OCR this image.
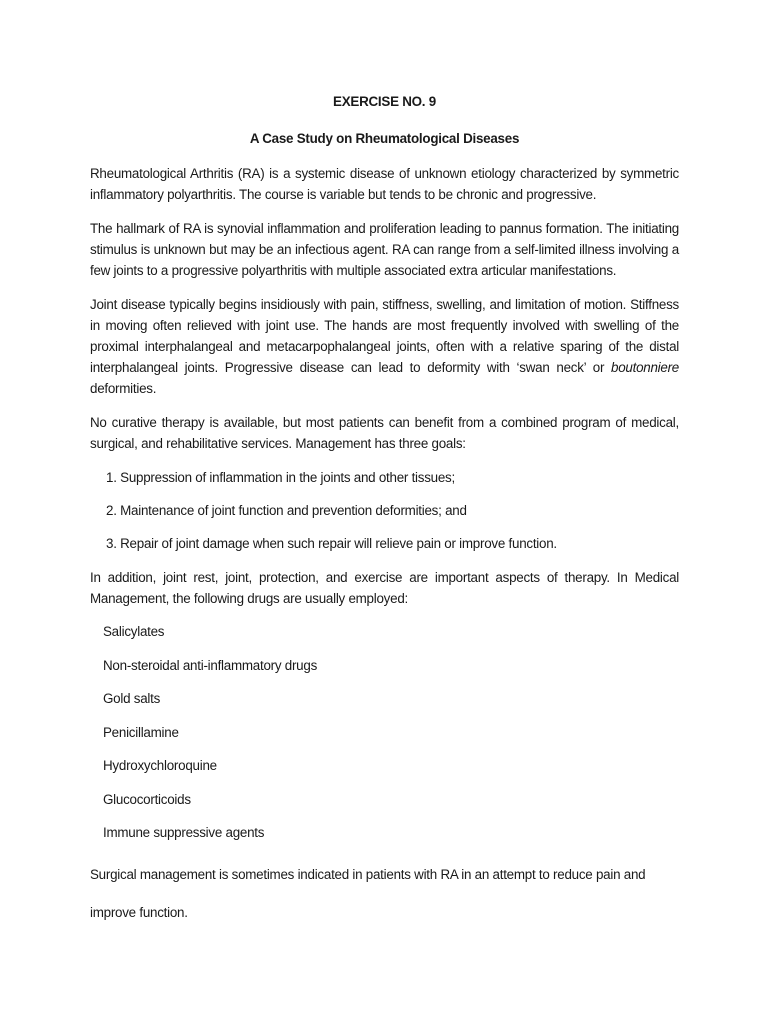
EXERCISE NO. 9

A Case Study on Rheumatological Diseases

Rheumatological Arthritis (RA) is a systemic disease of unknown etiology characterized by symmetric inflammatory polyarthritis. The course is variable but tends to be chronic and progressive.

The hallmark of RA is synovial inflammation and proliferation leading to pannus formation. The initiating stimulus is unknown but may be an infectious agent. RA can range from a self-limited illness involving a few joints to a progressive polyarthritis with multiple associated extra articular manifestations.

Joint disease typically begins insidiously with pain, stiffness, swelling, and limitation of motion. Stiffness in moving often relieved with joint use. The hands are most frequently involved with swelling of the proximal interphalangeal and metacarpophalangeal joints, often with a relative sparing of the distal interphalangeal joints. Progressive disease can lead to deformity with ‘swan neck’ or boutonniere deformities.

No curative therapy is available, but most patients can benefit from a combined program of medical, surgical, and rehabilitative services. Management has three goals:

1. Suppression of inflammation in the joints and other tissues;
2. Maintenance of joint function and prevention deformities; and
3. Repair of joint damage when such repair will relieve pain or improve function.

In addition, joint rest, joint, protection, and exercise are important aspects of therapy. In Medical Management, the following drugs are usually employed:

Salicylates
Non-steroidal anti-inflammatory drugs
Gold salts
Penicillamine
Hydroxychloroquine
Glucocorticoids
Immune suppressive agents

Surgical management is sometimes indicated in patients with RA in an attempt to reduce pain and improve function.
